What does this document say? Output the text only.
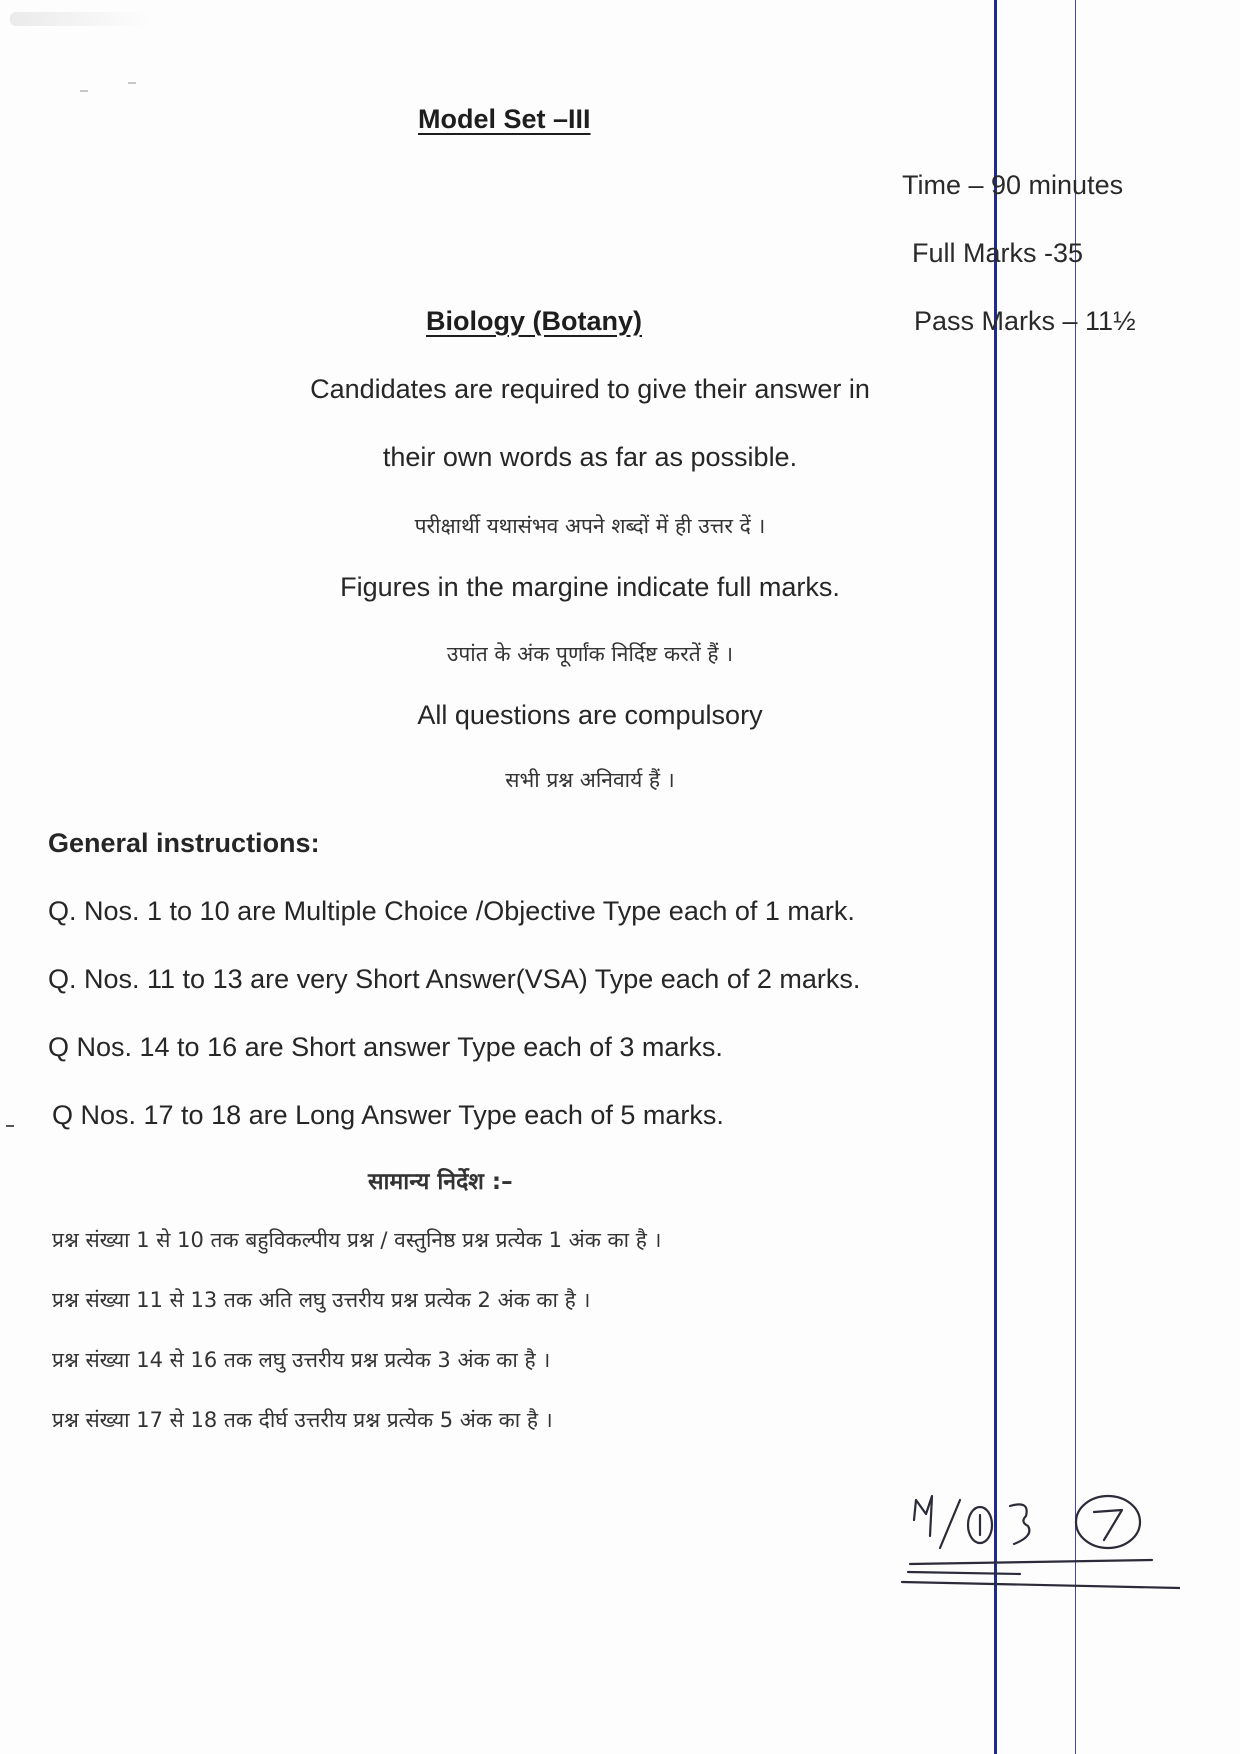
Model Set –III
Time – 90 minutes
Full Marks -35
Biology (Botany)	Pass Marks – 11½
Candidates are required to give their answer in
their own words as far as possible.
परीक्षार्थी यथासंभव अपने शब्दों में ही उत्तर दें ।
Figures in the margine indicate full marks.
उपांत के अंक पूर्णांक निर्दिष्ट करतें हैं ।
All questions are compulsory
सभी प्रश्न अनिवार्य हैं ।
General instructions:
Q. Nos. 1 to 10 are Multiple Choice /Objective Type each of 1 mark.
Q. Nos. 11 to 13 are very Short Answer(VSA) Type each of 2 marks.
Q Nos. 14 to 16 are Short answer Type each of 3 marks.
Q Nos. 17 to 18 are Long Answer Type each of 5 marks.
सामान्य निर्देश :–
प्रश्न संख्या 1 से 10 तक बहुविकल्पीय प्रश्न / वस्तुनिष्ठ प्रश्न प्रत्येक 1 अंक का है ।
प्रश्न संख्या 11 से 13 तक अति लघु उत्तरीय प्रश्न प्रत्येक 2 अंक का है ।
प्रश्न संख्या 14 से 16 तक लघु उत्तरीय प्रश्न प्रत्येक 3 अंक का है ।
प्रश्न संख्या 17 से 18 तक दीर्घ उत्तरीय प्रश्न प्रत्येक 5 अंक का है ।
